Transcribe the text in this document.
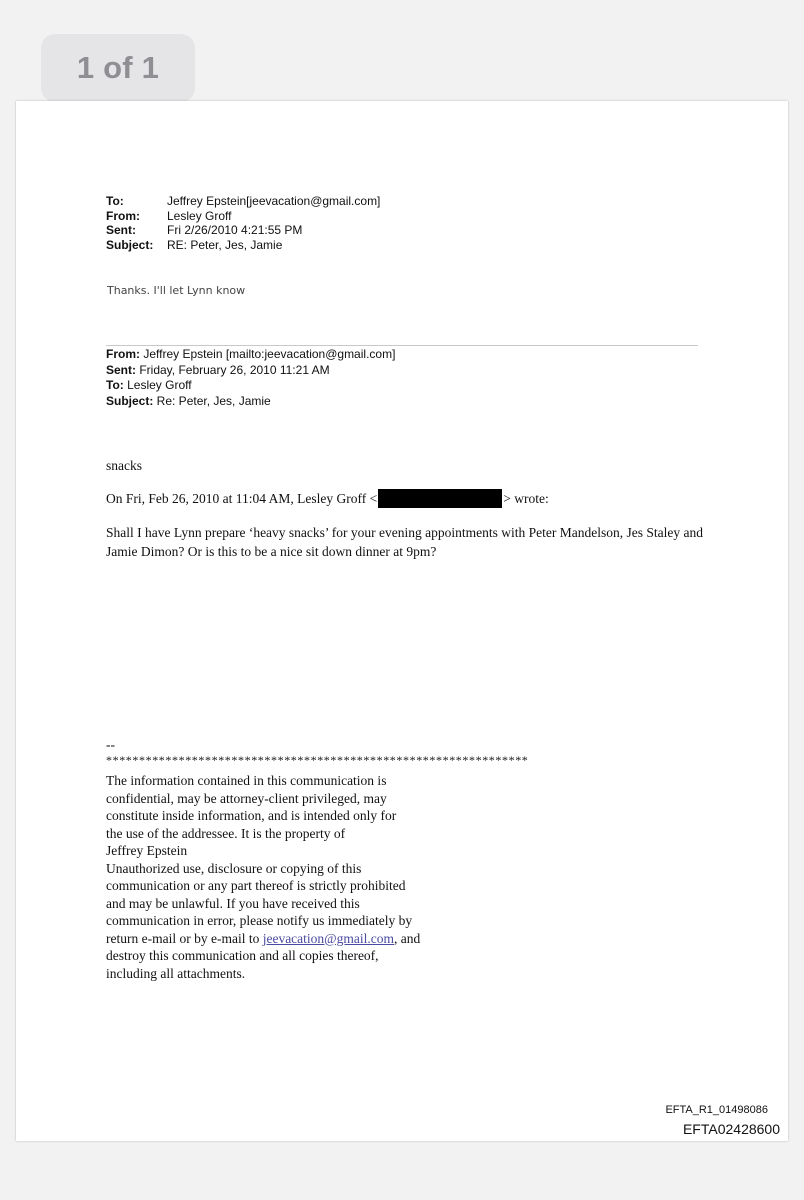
1 of 1
To:	Jeffrey Epstein[jeevacation@gmail.com]
From:	Lesley Groff
Sent:	Fri 2/26/2010 4:21:55 PM
Subject:	RE: Peter, Jes, Jamie
Thanks. I'll let Lynn know
From: Jeffrey Epstein [mailto:jeevacation@gmail.com]
Sent: Friday, February 26, 2010 11:21 AM
To: Lesley Groff
Subject: Re: Peter, Jes, Jamie
snacks
On Fri, Feb 26, 2010 at 11:04 AM, Lesley Groff <	> wrote:
Shall I have Lynn prepare ‘heavy snacks’ for your evening appointments with Peter Mandelson, Jes Staley and Jamie Dimon? Or is this to be a nice sit down dinner at 9pm?
--
****************************************************************
The information contained in this communication is
confidential, may be attorney-client privileged, may
constitute inside information, and is intended only for
the use of the addressee. It is the property of
Jeffrey Epstein
Unauthorized use, disclosure or copying of this
communication or any part thereof is strictly prohibited
and may be unlawful. If you have received this
communication in error, please notify us immediately by
return e-mail or by e-mail to jeevacation@gmail.com, and
destroy this communication and all copies thereof,
including all attachments.
EFTA_R1_01498086
EFTA02428600
